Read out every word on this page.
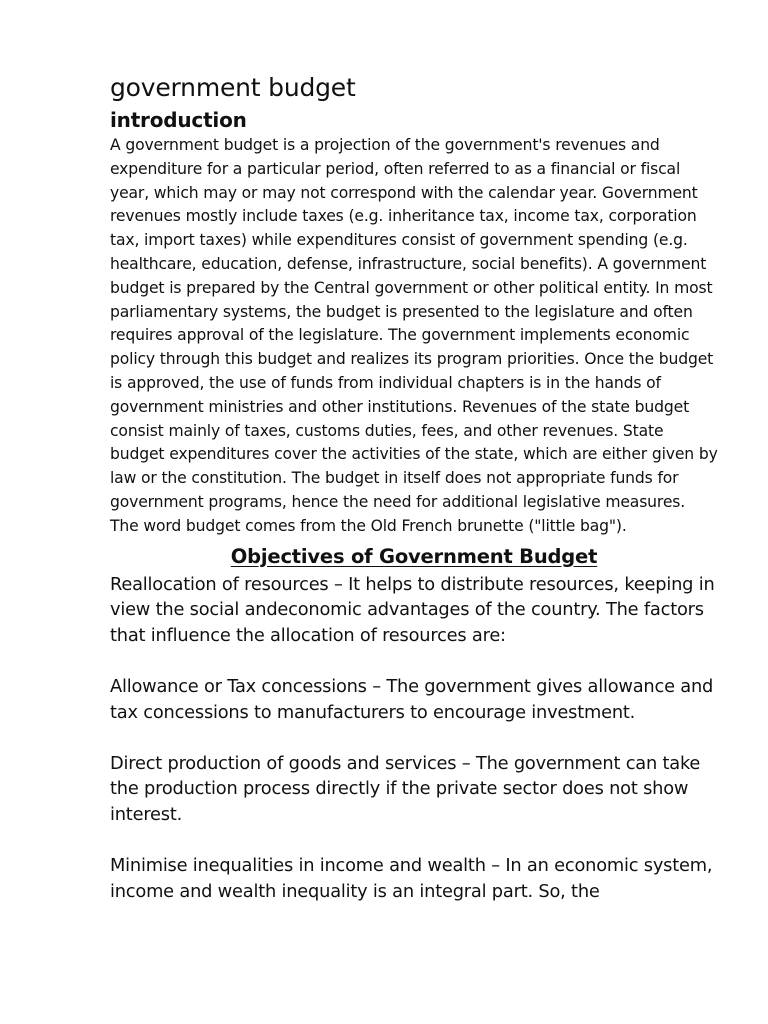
government budget
introduction

A government budget is a projection of the government's revenues and expenditure for a particular period, often referred to as a financial or fiscal year, which may or may not correspond with the calendar year. Government revenues mostly include taxes (e.g. inheritance tax, income tax, corporation tax, import taxes) while expenditures consist of government spending (e.g. healthcare, education, defense, infrastructure, social benefits). A government budget is prepared by the Central government or other political entity. In most parliamentary systems, the budget is presented to the legislature and often requires approval of the legislature. The government implements economic policy through this budget and realizes its program priorities. Once the budget is approved, the use of funds from individual chapters is in the hands of government ministries and other institutions. Revenues of the state budget consist mainly of taxes, customs duties, fees, and other revenues. State budget expenditures cover the activities of the state, which are either given by law or the constitution. The budget in itself does not appropriate funds for government programs, hence the need for additional legislative measures. The word budget comes from the Old French brunette ("little bag").

Objectives of Government Budget

Reallocation of resources – It helps to distribute resources, keeping in view the social andeconomic advantages of the country. The factors that influence the allocation of resources are:

Allowance or Tax concessions – The government gives allowance and tax concessions to manufacturers to encourage investment.

Direct production of goods and services – The government can take the production process directly if the private sector does not show interest.

Minimise inequalities in income and wealth – In an economic system, income and wealth inequality is an integral part. So, the
